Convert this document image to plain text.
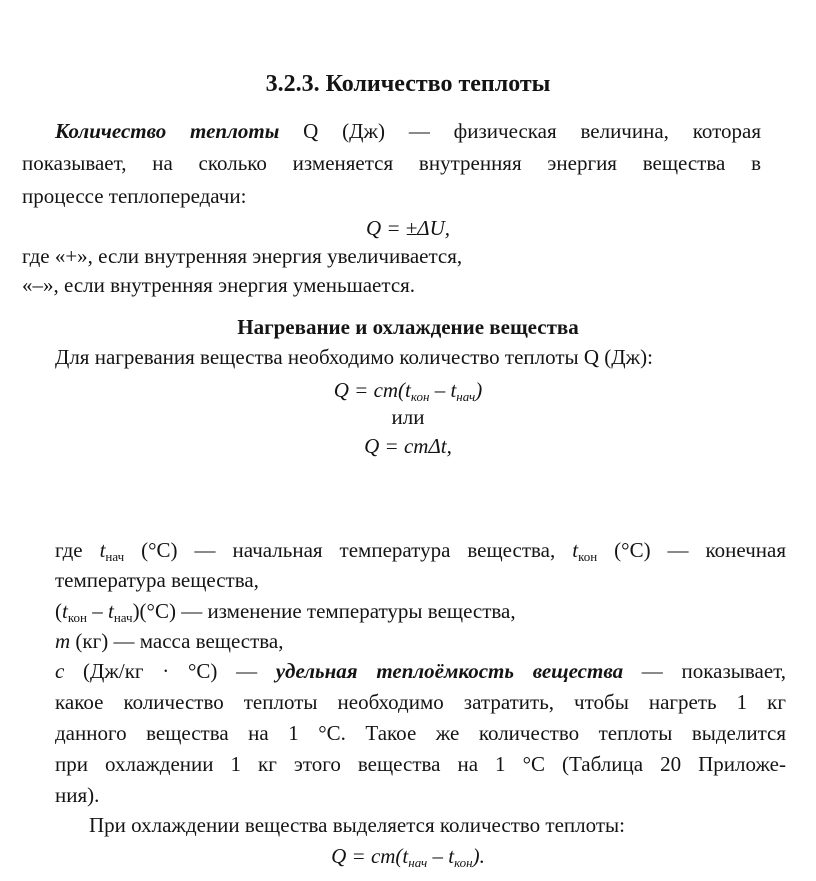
3.2.3. Количество теплоты
Количество теплоты Q (Дж) — физическая величина, которая
показывает, на сколько изменяется внутренняя энергия вещества в
процессе теплопередачи:
Q = ±ΔU,
где «+», если внутренняя энергия увеличивается,
«–», если внутренняя энергия уменьшается.
Нагревание и охлаждение вещества
Для нагревания вещества необходимо количество теплоты Q (Дж):
$Q = cm(t_{кон} - t_{нач})$
или
Q = cmΔt,
где $t_{нач}$ (°C) — начальная температура вещества, $t_{кон}$ (°C) — конечная
температура вещества,
$(t_{кон} - t_{нач})(^\circ C)$ — изменение температуры вещества,
m (кг) — масса вещества,
c (Дж/кг · °C) — удельная теплоёмкость вещества — показывает,
какое количество теплоты необходимо затратить, чтобы нагреть 1 кг
данного вещества на 1 °C. Такое же количество теплоты выделится
при охлаждении 1 кг этого вещества на 1 °C (Таблица 20 Приложе-
ния).
При охлаждении вещества выделяется количество теплоты:
$Q = cm(t_{нач} - t_{кон})$.
